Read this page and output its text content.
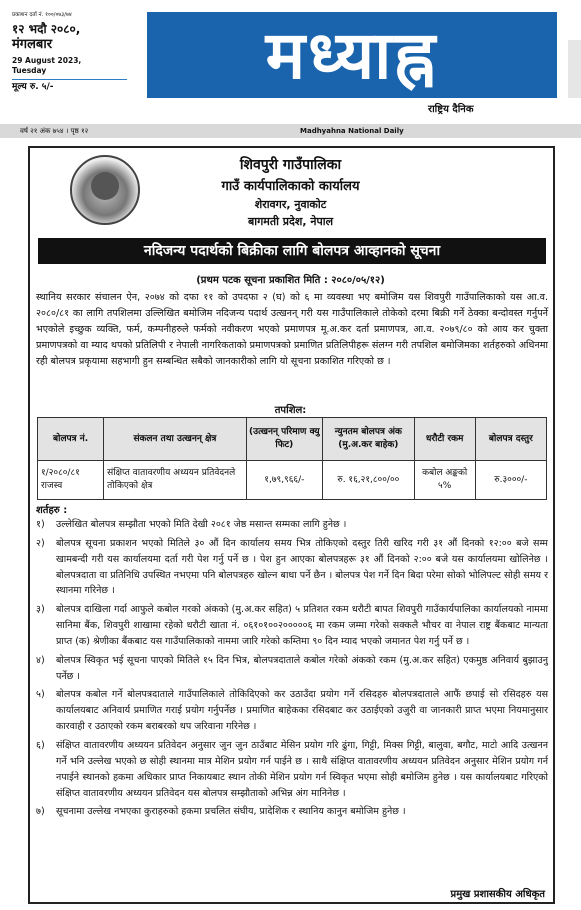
प्रकाशन दर्ता नं. १००/०७३/७४
१२ भदौ २०८०,
मंगलबार
29 August 2023,
Tuesday
मूल्य रु. ५/-	मध्याह्न
राष्ट्रिय दैनिक
वर्ष २१ अंक ७५४ । पृष्ठ १२	Madhyahna National Daily
शिवपुरी गाउँपालिका
गाउँ कार्यपालिकाको कार्यालय
शेरावगर, नुवाकोट
बागमती प्रदेश, नेपाल
नदिजन्य पदार्थको बिक्रीका लागि बोलपत्र आव्हानको सूचना
(प्रथम पटक सूचना प्रकाशित मिति : २०८०/०५/१२)
स्थानिय सरकार संचालन ऐन, २०७४ को दफा ११ को उपदफा २ (घ) को ६ मा व्यवस्था भए बमोजिम यस शिवपुरी गाउँपालिकाको यस आ.व. २०८०/८१ का लागि तपशिलमा उल्लिखित बमोजिम नदिजन्य पदार्थ उत्खनन् गरी यस गाउँपालिकाले तोकेको दरमा बिक्री गर्ने ठेक्का बन्दोवस्त गर्नुपर्ने भएकोले इच्छुक व्यक्ति, फर्म, कम्पनीहरुले फर्मको नवीकरण भएको प्रमाणपत्र मू.अ.कर दर्ता प्रमाणपत्र, आ.व. २०७९/८० को आय कर चुक्ता प्रमाणपत्रको वा म्याद थपको प्रतिलिपी र नेपाली नागरिकताको प्रमाणपत्रको प्रमाणित प्रतिलिपीहरू संलग्न गरी तपशिल बमोजिमका शर्तहरुको अधिनमा रही बोलपत्र प्रकृयामा सहभागी हुन सम्बन्धित सबैको जानकारीको लागि यो सूचना प्रकाशित गरिएको छ ।
तपशिल:
बोलपत्र नं.	संकलन तथा उत्खनन् क्षेत्र	(उत्खनन् परिमाण क्यु फिट)	न्युनतम बोलपत्र अंक (मु.अ.कर बाहेक)	धरौटी रकम	बोलपत्र दस्तुर
१/२०८०/८१ राजस्व	संक्षिप्त वातावरणीय अध्ययन प्रतिवेदनले तोकिएको क्षेत्र	१,७९,९६६/-	रु. १६,२१,८००/००	कबोल अङ्कको ५%	रु.३०००/-
शर्तहरु :
१) उल्लेखित बोलपत्र सम्झौता भएको मिति देखी २०८१ जेष्ठ मसान्त सम्मका लागि हुनेछ ।
२) बोलपत्र सूचना प्रकाशन भएको मितिले ३० औं दिन कार्यालय समय भित्र तोकिएको दस्तुर तिरी खरिद गरी ३१ औं दिनको १२:०० बजे सम्म खामबन्दी गरी यस कार्यालयमा दर्ता गरी पेश गर्नु पर्ने छ । पेश हुन आएका बोलपत्रहरू ३१ औं दिनको २:०० बजे यस कार्यालयमा खोलिनेछ । बोलपत्रदाता वा प्रतिनिधि उपस्थित नभएमा पनि बोलपत्रहरु खोल्न बाधा पर्ने छैन । बोलपत्र पेश गर्ने दिन बिदा परेमा सोको भोलिपल्ट सोही समय र स्थानमा गरिनेछ ।
३) बोलपत्र दाखिला गर्दा आफुले कबोल गरको अंकको (मु.अ.कर सहित) ५ प्रतिशत रकम धरौटी बापत शिवपुरी गाउँकार्यपालिका कार्यालयको नाममा सानिमा बैंक, शिवपुरी शाखामा रहेको धरौटी खाता नं. ०६१०१००२०००००६ मा रकम जम्मा गरेको सक्कलै भौचर वा नेपाल राष्ट्र बैंकबाट मान्यता प्राप्त (क) श्रेणीका बैंकबाट यस गाउँपालिकाको नाममा जारि गरेको कम्तिमा ९० दिन म्याद भएको जमानत पेश गर्नु पर्ने छ ।
४) बोलपत्र स्विकृत भई सूचना पाएको मितिले १५ दिन भित्र, बोलपत्रदाताले कबोल गरेको अंकको रकम (मु.अ.कर सहित) एकमुष्ठ अनिवार्य बुझाउनु पर्नेछ ।
५) बोलपत्र कबोल गर्ने बोलपत्रदाताले गाउँपालिकाले तोकिदिएको कर उठाउँदा प्रयोग गर्ने रसिदहरु बोलपत्रदाताले आफैं छपाई सो रसिदहरु यस कार्यालयबाट अनिवार्य प्रमाणित गराई प्रयोग गर्नुपर्नेछ । प्रमाणित बाहेकका रसिदबाट कर उठाईएको उजुरी वा जानकारी प्राप्त भएमा नियमानुसार कारवाही र उठाएको रकम बराबरको थप जरिवाना गरिनेछ ।
६) संक्षिप्त वातावरणीय अध्ययन प्रतिवेदन अनुसार जुन जुन ठाउँबाट मेसिन प्रयोग गरि ढुंगा, गिट्टी, मिक्स गिट्टी, बालुवा, बगौट, माटो आदि उत्खनन गर्ने भनि उल्लेख भएको छ सोही स्थानमा मात्र मेशिन प्रयोग गर्न पाईने छ । साथै संक्षिप्त वातावरणीय अध्ययन प्रतिवेदन अनुसार मेशिन प्रयोग गर्न नपाईने स्थानको हकमा अधिकार प्राप्त निकायबाट स्थान तोकी मेशिन प्रयोग गर्न स्विकृत भएमा सोही बमोजिम हुनेछ । यस कार्यालयबाट गरिएको संक्षिप्त वातावरणीय अध्ययन प्रतिवेदन यस बोलपत्र सम्झौताको अभिन्न अंग मानिनेछ ।
७) सूचनामा उल्लेख नभएका कुराहरुको हकमा प्रचलित संघीय, प्रादेशिक र स्थानिय कानुन बमोजिम हुनेछ ।
प्रमुख प्रशासकीय अधिकृत
